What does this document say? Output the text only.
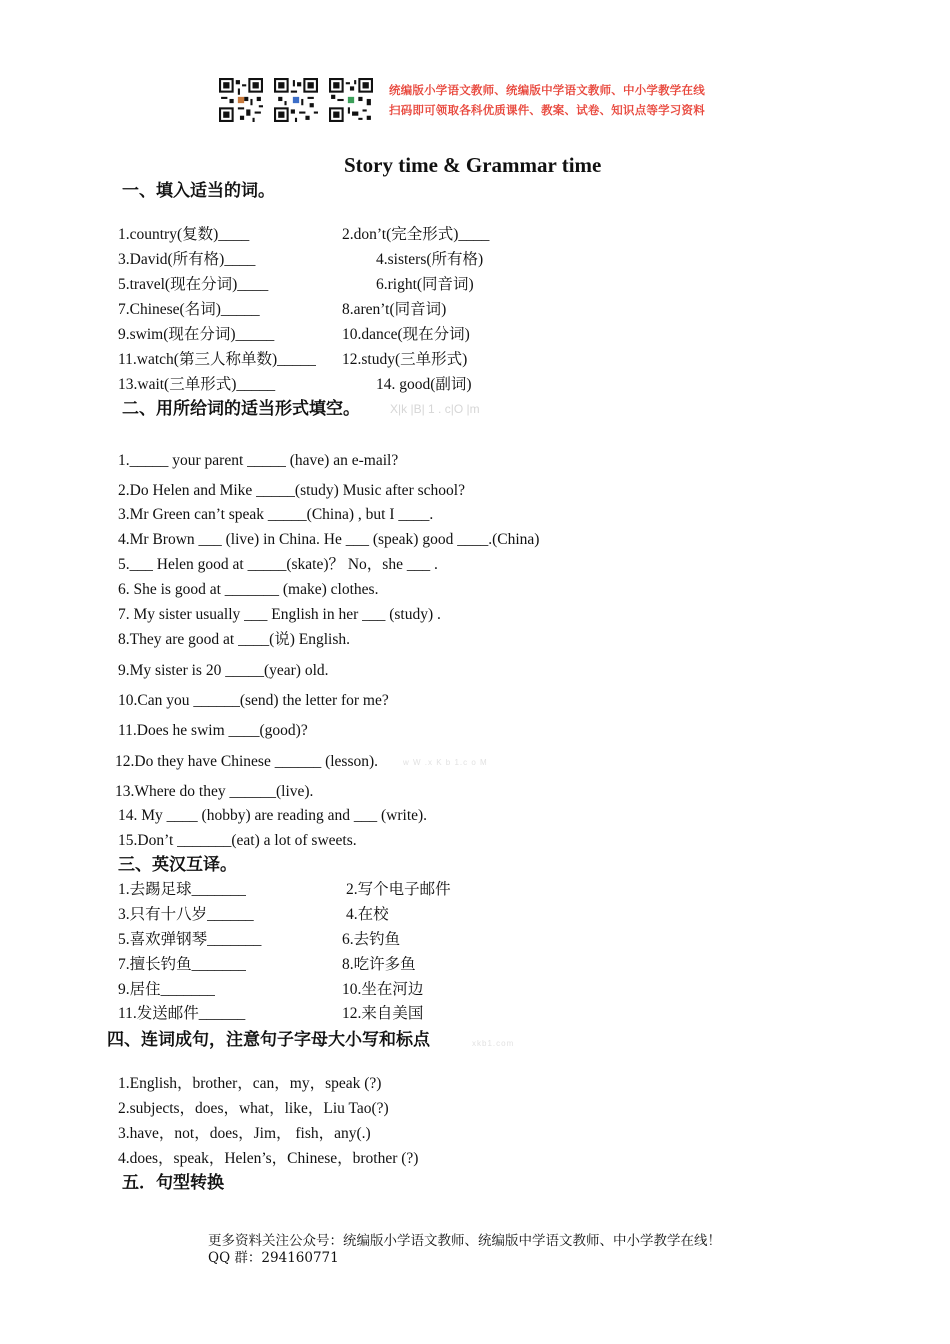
统编版小学语文教师、统编版中学语文教师、中小学教学在线
扫码即可领取各科优质课件、教案、试卷、知识点等学习资料
Story time & Grammar time
一、填入适当的词。
1.country(复数)____	2.don’t(完全形式)____
3.David(所有格)____	4.sisters(所有格)
5.travel(现在分词)____	6.right(同音词)
7.Chinese(名词)_____	8.aren’t(同音词)
9.swim(现在分词)_____	10.dance(现在分词)
11.watch(第三人称单数)_____ 12.study(三单形式)
13.wait(三单形式)_____	14. good(副词)
二、用所给词的适当形式填空。	X|k |B| 1 . c|O |m
1._____ your parent _____ (have) an e-mail?
2.Do Helen and Mike _____(study) Music after school?
3.Mr Green can’t speak _____(China) , but I ____.
4.Mr Brown ___ (live) in China. He ___ (speak) good ____.(China)
5.___ Helen good at _____(skate)？ No，she ___ .
6. She is good at _______ (make) clothes.
7. My sister usually ___ English in her ___ (study) .
8.They are good at ____(说) English.
9.My sister is 20 _____(year) old.
10.Can you ______(send) the letter for me?
11.Does he swim ____(good)?
12.Do they have Chinese ______ (lesson).	w W .x K b 1.c o M
13.Where do they ______(live).
14. My ____ (hobby) are reading and ___ (write).
15.Don’t _______(eat) a lot of sweets.
三、英汉互译。
1.去踢足球_______	2.写个电子邮件
3.只有十八岁______	4.在校
5.喜欢弹钢琴_______	6.去钓鱼
7.擅长钓鱼_______	8.吃许多鱼
9.居住_______	10.坐在河边
11.发送邮件______	12.来自美国
四、连词成句，注意句子字母大小写和标点	xkb1.com
1.English，brother，can，my，speak (?)
2.subjects，does，what，like，Liu Tao(?)
3.have，not，does，Jim， fish，any(.)
4.does，speak，Helen’s，Chinese，brother (?)
五．句型转换
更多资料关注公众号：统编版小学语文教师、统编版中学语文教师、中小学教学在线！
QQ 群：294160771
